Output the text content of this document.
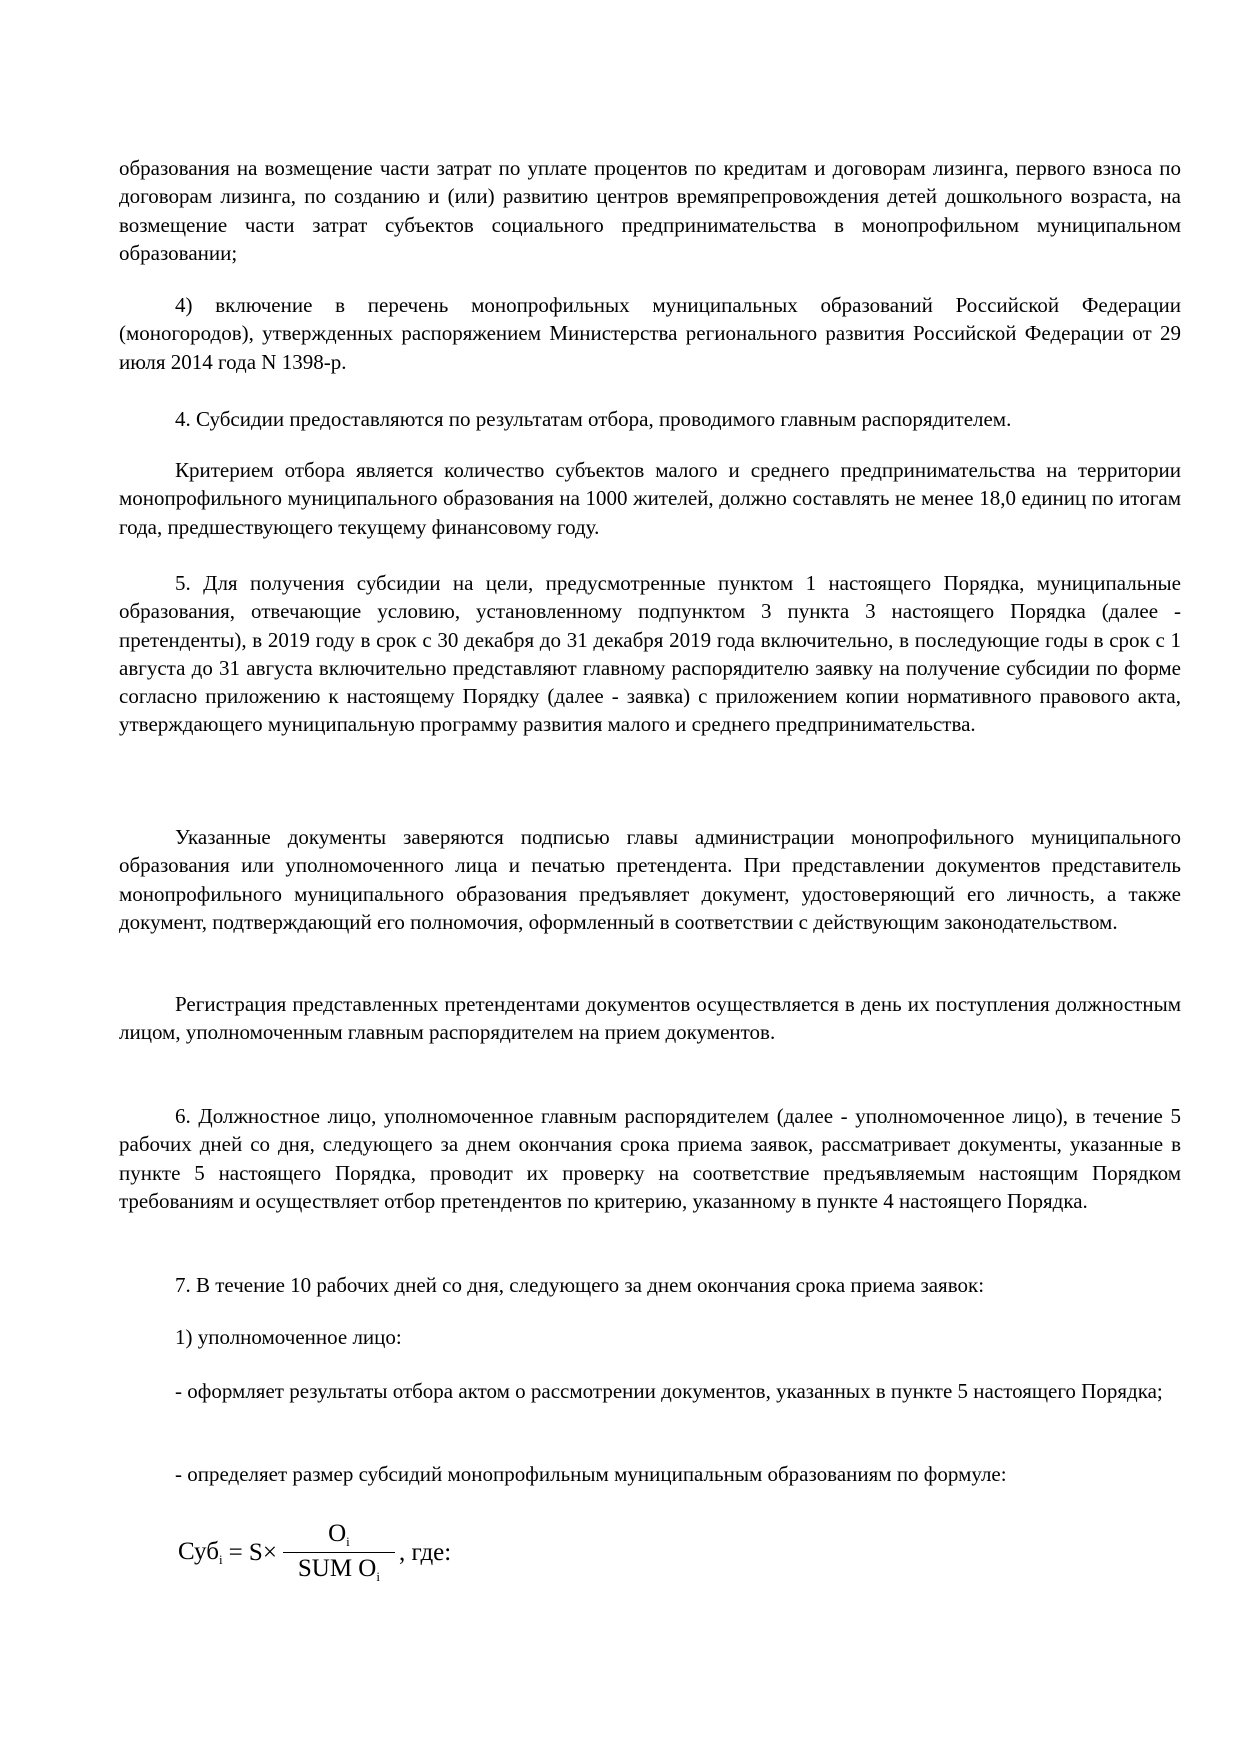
образования на возмещение части затрат по уплате процентов по кредитам и договорам лизинга, первого взноса по договорам лизинга, по созданию и (или) развитию центров времяпрепровождения детей дошкольного возраста, на возмещение части затрат субъектов социального предпринимательства в монопрофильном муниципальном образовании;

4) включение в перечень монопрофильных муниципальных образований Российской Федерации (моногородов), утвержденных распоряжением Министерства регионального развития Российской Федерации от 29 июля 2014 года N 1398-р.

4. Субсидии предоставляются по результатам отбора, проводимого главным распорядителем.

Критерием отбора является количество субъектов малого и среднего предпринимательства на территории монопрофильного муниципального образования на 1000 жителей, должно составлять не менее 18,0 единиц по итогам года, предшествующего текущему финансовому году.

5. Для получения субсидии на цели, предусмотренные пунктом 1 настоящего Порядка, муниципальные образования, отвечающие условию, установленному подпунктом 3 пункта 3 настоящего Порядка (далее - претенденты), в 2019 году в срок с 30 декабря до 31 декабря 2019 года включительно, в последующие годы в срок с 1 августа до 31 августа включительно представляют главному распорядителю заявку на получение субсидии по форме согласно приложению к настоящему Порядку (далее - заявка) с приложением копии нормативного правового акта, утверждающего муниципальную программу развития малого и среднего предпринимательства.

Указанные документы заверяются подписью главы администрации монопрофильного муниципального образования или уполномоченного лица и печатью претендента. При представлении документов представитель монопрофильного муниципального образования предъявляет документ, удостоверяющий его личность, а также документ, подтверждающий его полномочия, оформленный в соответствии с действующим законодательством.

Регистрация представленных претендентами документов осуществляется в день их поступления должностным лицом, уполномоченным главным распорядителем на прием документов.

6. Должностное лицо, уполномоченное главным распорядителем (далее - уполномоченное лицо), в течение 5 рабочих дней со дня, следующего за днем окончания срока приема заявок, рассматривает документы, указанные в пункте 5 настоящего Порядка, проводит их проверку на соответствие предъявляемым настоящим Порядком требованиям и осуществляет отбор претендентов по критерию, указанному в пункте 4 настоящего Порядка.

7. В течение 10 рабочих дней со дня, следующего за днем окончания срока приема заявок:

1) уполномоченное лицо:

- оформляет результаты отбора актом о рассмотрении документов, указанных в пункте 5 настоящего Порядка;

- определяет размер субсидий монопрофильным муниципальным образованиям по формуле:

$Суб_i = S\times \frac{O_i}{SUM O_i}$ , где:
